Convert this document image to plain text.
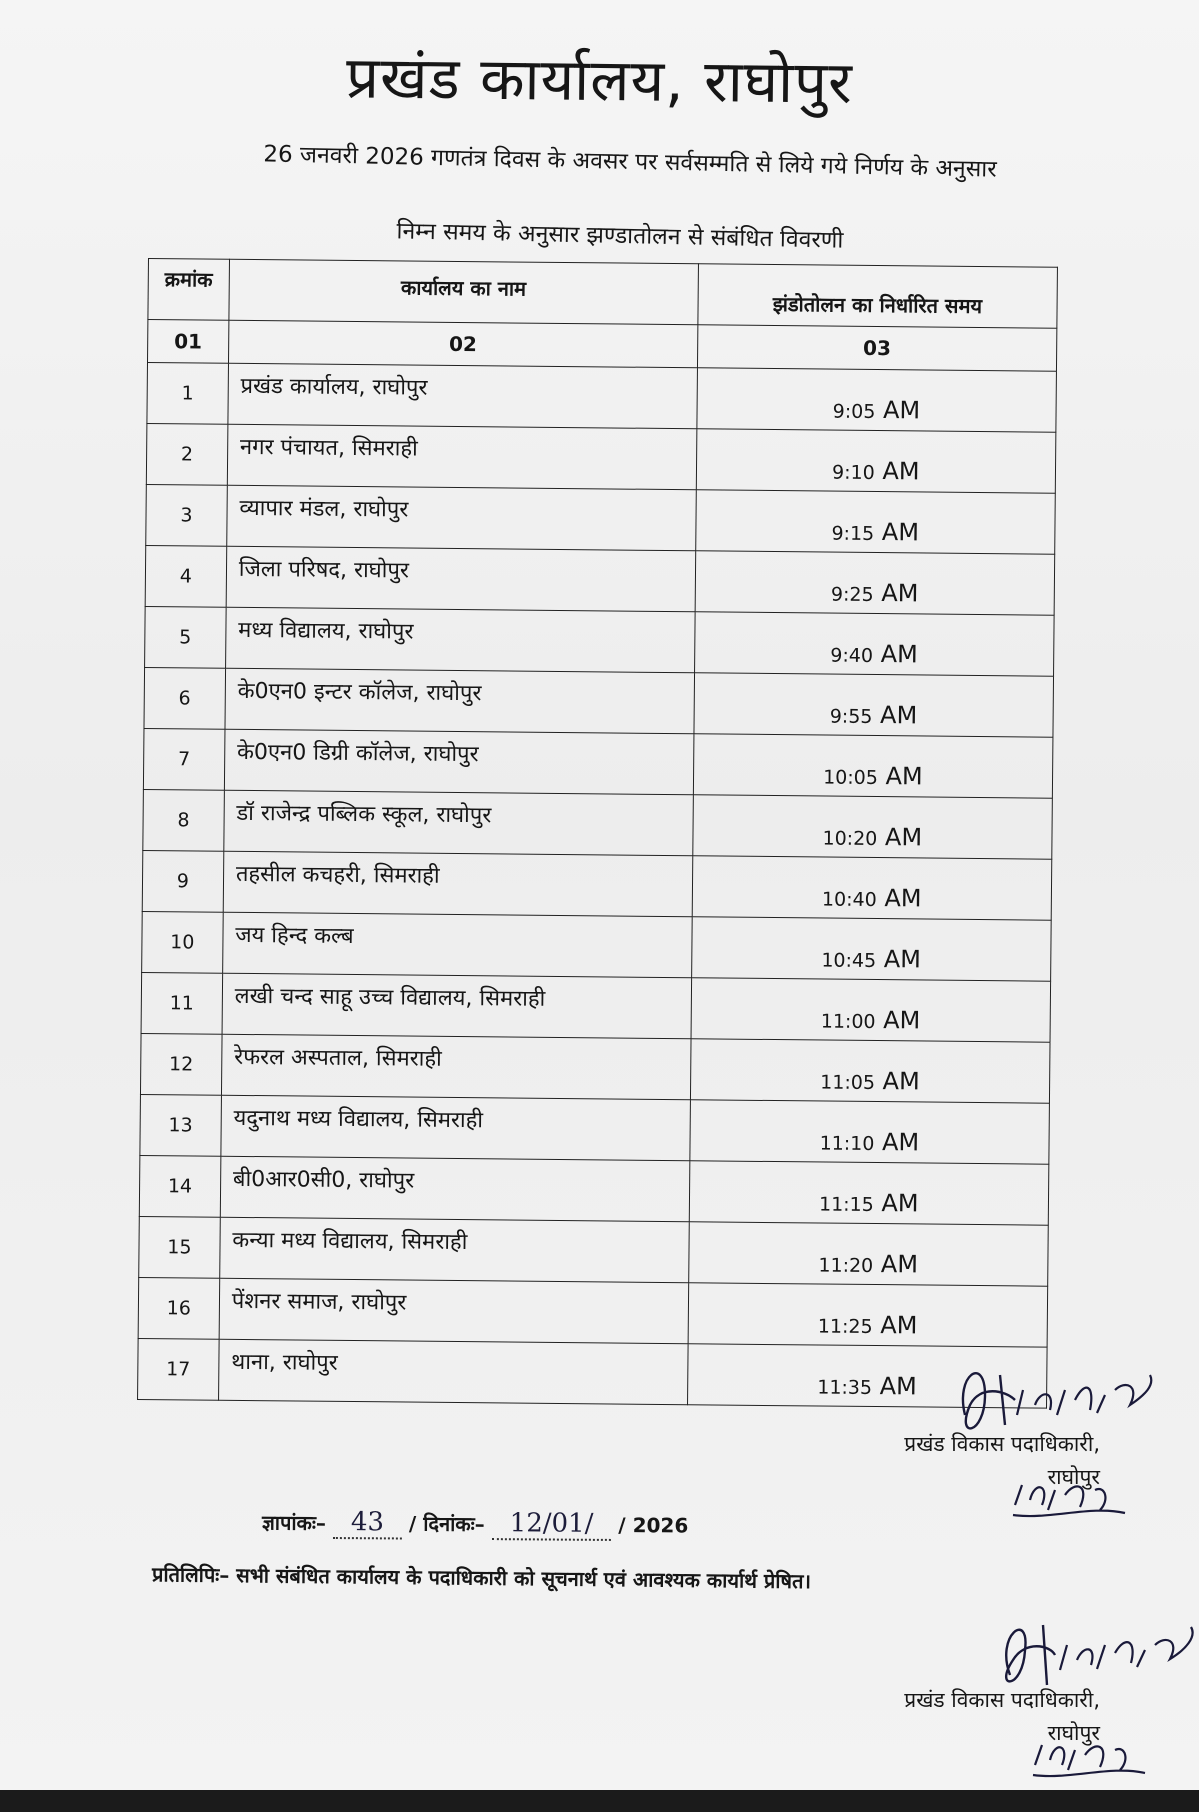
प्रखंड कार्यालय, राघोपुर
26 जनवरी 2026 गणतंत्र दिवस के अवसर पर सर्वसम्मति से लिये गये निर्णय के अनुसार
निम्न समय के अनुसार झण्डातोलन से संबंधित विवरणी
क्रमांक	कार्यालय का नाम	झंडोतोलन का निर्धारित समय
01	02	03
1	प्रखंड कार्यालय, राघोपुर	9:05 AM
2	नगर पंचायत, सिमराही	9:10 AM
3	व्यापार मंडल, राघोपुर	9:15 AM
4	जिला परिषद, राघोपुर	9:25 AM
5	मध्य विद्यालय, राघोपुर	9:40 AM
6	के0एन0 इन्टर कॉलेज, राघोपुर	9:55 AM
7	के0एन0 डिग्री कॉलेज, राघोपुर	10:05 AM
8	डॉ राजेन्द्र पब्लिक स्कूल, राघोपुर	10:20 AM
9	तहसील कचहरी, सिमराही	10:40 AM
10	जय हिन्द कल्ब	10:45 AM
11	लखी चन्द साहू उच्च विद्यालय, सिमराही	11:00 AM
12	रेफरल अस्पताल, सिमराही	11:05 AM
13	यदुनाथ मध्य विद्यालय, सिमराही	11:10 AM
14	बी0आर0सी0, राघोपुर	11:15 AM
15	कन्या मध्य विद्यालय, सिमराही	11:20 AM
16	पेंशनर समाज, राघोपुर	11:25 AM
17	थाना, राघोपुर	11:35 AM
प्रखंड विकास पदाधिकारी,
राघोपुर
ज्ञापांकः– 43 / दिनांकः– 12/01/ / 2026
प्रतिलिपिः– सभी संबंधित कार्यालय के पदाधिकारी को सूचनार्थ एवं आवश्यक कार्यार्थ प्रेषित।
प्रखंड विकास पदाधिकारी,
राघोपुर
